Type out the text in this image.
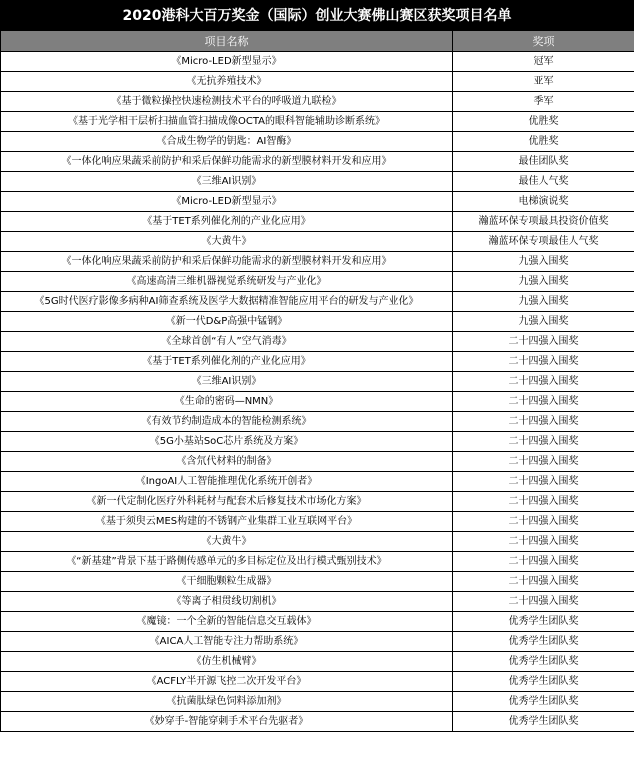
2020港科大百万奖金（国际）创业大赛佛山赛区获奖项目名单
项目名称	奖项
《Micro-LED新型显示》	冠军
《无抗养殖技术》	亚军
《基于微粒操控快速检测技术平台的呼吸道九联检》	季军
《基于光学相干层析扫描血管扫描成像OCTA的眼科智能辅助诊断系统》	优胜奖
《合成生物学的钥匙：AI智酶》	优胜奖
《一体化响应果蔬采前防护和采后保鲜功能需求的新型膜材料开发和应用》	最佳团队奖
《三维AI识别》	最佳人气奖
《Micro-LED新型显示》	电梯演说奖
《基于TET系列催化剂的产业化应用》	瀚蓝环保专项最具投资价值奖
《大黄牛》	瀚蓝环保专项最佳人气奖
《一体化响应果蔬采前防护和采后保鲜功能需求的新型膜材料开发和应用》	九强入围奖
《高速高清三维机器视觉系统研发与产业化》	九强入围奖
《5G时代医疗影像多病种AI筛查系统及医学大数据精准智能应用平台的研发与产业化》	九强入围奖
《新一代D&P高强中锰钢》	九强入围奖
《全球首创“有人”空气消毒》	二十四强入围奖
《基于TET系列催化剂的产业化应用》	二十四强入围奖
《三维AI识别》	二十四强入围奖
《生命的密码—NMN》	二十四强入围奖
《有效节约制造成本的智能检测系统》	二十四强入围奖
《5G小基站SoC芯片系统及方案》	二十四强入围奖
《含氘代材料的制备》	二十四强入围奖
《IngoAI人工智能推理优化系统开创者》	二十四强入围奖
《新一代定制化医疗外科耗材与配套术后修复技术市场化方案》	二十四强入围奖
《基于须臾云MES构建的不锈钢产业集群工业互联网平台》	二十四强入围奖
《大黄牛》	二十四强入围奖
《“新基建”背景下基于路侧传感单元的多目标定位及出行模式甄别技术》	二十四强入围奖
《干细胞颗粒生成器》	二十四强入围奖
《等离子相贯线切割机》	二十四强入围奖
《魔镜：一个全新的智能信息交互载体》	优秀学生团队奖
《AICA人工智能专注力帮助系统》	优秀学生团队奖
《仿生机械臂》	优秀学生团队奖
《ACFLY半开源飞控二次开发平台》	优秀学生团队奖
《抗菌肽绿色饲料添加剂》	优秀学生团队奖
《妙穿手-智能穿刺手术平台先驱者》	优秀学生团队奖
